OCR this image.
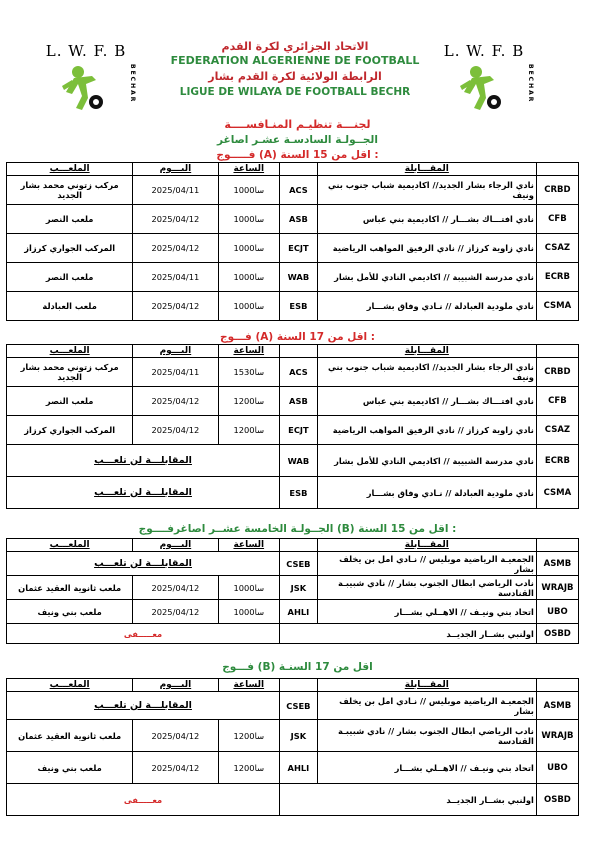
L. W. F. B
BECHAR
L. W. F. B
BECHAR
الاتحاد الجزائري لكرة القدم
FEDERATION ALGERIENNE DE FOOTBALL
الرابطة الولائية لكرة القدم بشار
LIGUE DE WILAYA DE FOOTBALL BECHR
لجنـــة تنظيـم المنـافســــة
الجــولـة السادسـة عشـر اصاغر
فـــــوج (A) اقل من 15 السنة :
الملعـــب	اليـــوم	الساعة		المقـــابلة	
مركب زتوني محمد بشار الجديد	2025/04/11	10سا00	ACS	نادي الرجاء بشار الجديد// اكاديمية شباب جنوب بني ونيف	CRBD
ملعب النصر	2025/04/12	10سا00	ASB	نادي افتـــاك بشـــار // اكاديمية بني عباس	CFB
المركب الجواري كرزاز	2025/04/12	10سا00	ECJT	نادي زاوية كرزاز // نادي الرفيق المواهب الرياضية	CSAZ
ملعب النصر	2025/04/11	10سا00	WAB	نادي مدرسة الشبيبة // اكاديمي النادي للأمل بشار	ECRB
ملعب العبادلة	2025/04/12	10سا00	ESB	نادي ملودية العبادلة // نـادي وفاق بشـــار	CSMA
فـــوج (A) اقل من 17 السنة :
الملعـــب	اليـــوم	الساعة		المقـــابلة	
مركب زتوني محمد بشار الجديد	2025/04/11	15سا30	ACS	نادي الرجاء بشار الجديد// اكاديمية شباب جنوب بني ونيف	CRBD
ملعب النصر	2025/04/12	12سا00	ASB	نادي افتـــاك بشـــار // اكاديمية بني عباس	CFB
المركب الجواري كرزاز	2025/04/12	12سا00	ECJT	نادي زاوية كرزاز // نادي الرفيق المواهب الرياضية	CSAZ
المقابلـــة لن تلعـــب			WAB	نادي مدرسة الشبيبة // اكاديمي النادي للأمل بشار	ECRB
المقابلـــة لن تلعـــب			ESB	نادي ملودية العبادلة // نـادي وفاق بشـــار	CSMA
الجــولـة الخامسة عشــر اصاغرفــــوج (B) اقل من 15 السنة :
الملعـــب	اليـــوم	الساعة		المقـــابلة	
المقابلـــة لن تلعـــب			CSEB	الجمعيـة الرياضية موبليس // نـادي امل بن يخلف بشار	ASMB
ملعب ثانوية العقيد عثمان	2025/04/12	10سا00	JSK	نادب الرياضي ابطال الجنوب بشار // نادي شبيبـة القنادسة	WRAJB
ملعب بني ونيف	2025/04/12	10سا00	AHLI	اتحاد بني ونيـف // الاهــلي بشـــار	UBO
معـــــفى			اولنبي بشــار الجديــد		OSBD
فـــوج (B) اقل من 17 السنـة
الملعـــب	اليـــوم	الساعة		المقـــابلة	
المقابلـــة لن تلعـــب			CSEB	الجمعيـة الرياضية موبليس // نـادي امل بن يخلف بشار	ASMB
ملعب ثانوية العقيد عثمان	2025/04/12	12سا00	JSK	نادب الرياضي ابطال الجنوب بشار // نادي شبيبـة القنادسة	WRAJB
ملعب بني ونيف	2025/04/12	12سا00	AHLI	اتحاد بني ونيـف // الاهــلي بشـــار	UBO
معـــــفى			اولنبي بشــار الجديــد		OSBD
